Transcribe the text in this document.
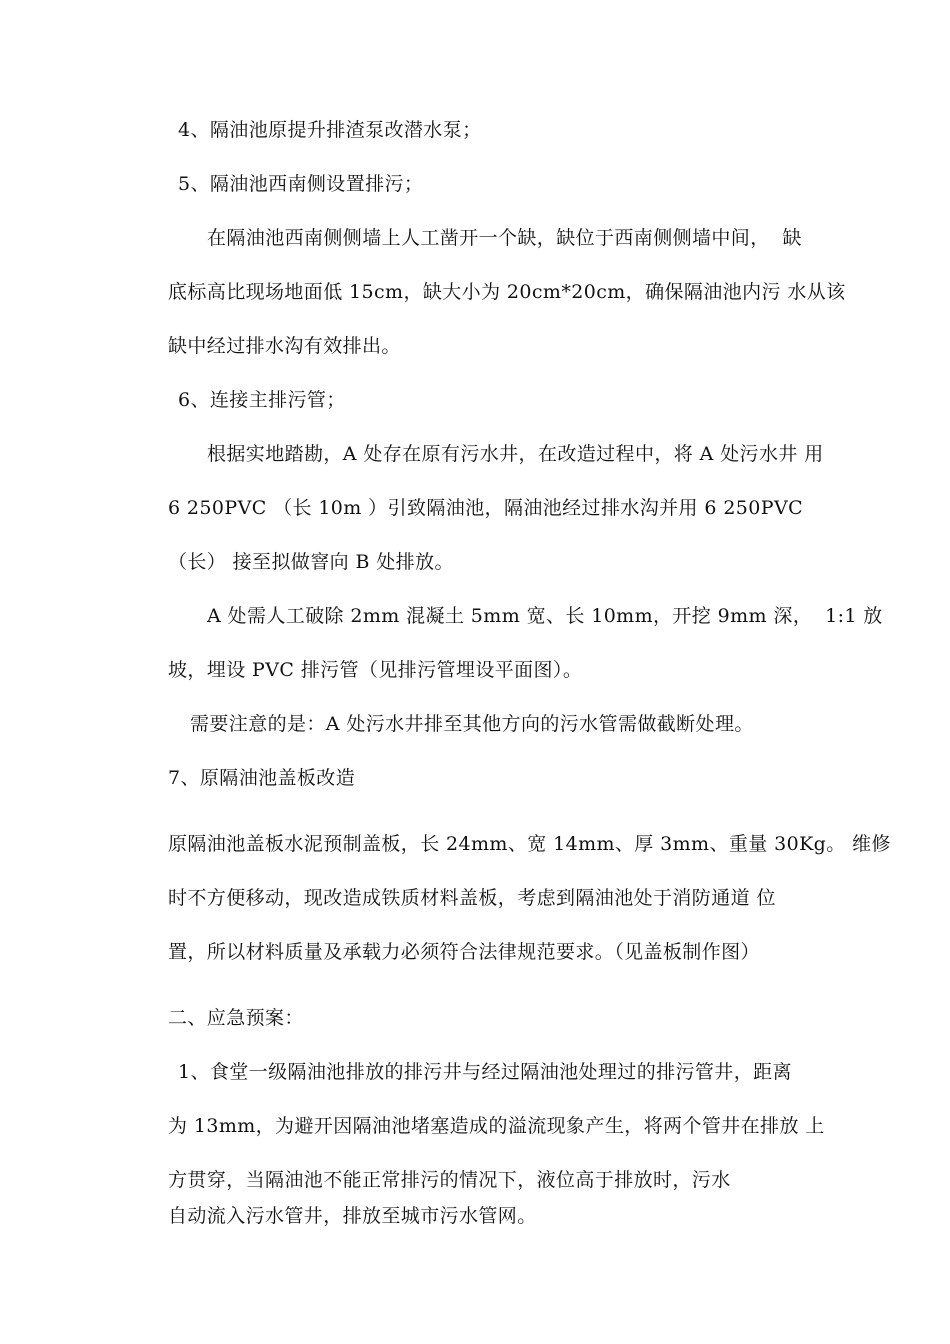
4、隔油池原提升排渣泵改潜水泵；

5、隔油池西南侧设置排污；

在隔油池西南侧侧墙上人工凿开一个缺，缺位于西南侧侧墙中间，  缺

底标高比现场地面低 15cm，缺大小为 20cm*20cm，确保隔油池内污 水从该

缺中经过排水沟有效排出。

6、连接主排污管；

根据实地踏勘，A 处存在原有污水井，在改造过程中，将 A 处污水井 用

6 250PVC （长 10m ）引致隔油池，隔油池经过排水沟并用 6 250PVC

（长） 接至拟做窨向 B 处排放。

A 处需人工破除 2mm 混凝土 5mm 宽、长 10mm，开挖 9mm 深，  1:1 放

坡，埋设 PVC 排污管（见排污管埋设平面图）。

需要注意的是：A 处污水井排至其他方向的污水管需做截断处理。

7、原隔油池盖板改造

原隔油池盖板水泥预制盖板，长 24mm、宽 14mm、厚 3mm、重量 30Kg。 维修

时不方便移动，现改造成铁质材料盖板，考虑到隔油池处于消防通道 位

置，所以材料质量及承载力必须符合法律规范要求。（见盖板制作图）

二、应急预案：

1、食堂一级隔油池排放的排污井与经过隔油池处理过的排污管井，距离

为 13mm，为避开因隔油池堵塞造成的溢流现象产生，将两个管井在排放 上

方贯穿，当隔油池不能正常排污的情况下，液位高于排放时，污水

自动流入污水管井，排放至城市污水管网。
